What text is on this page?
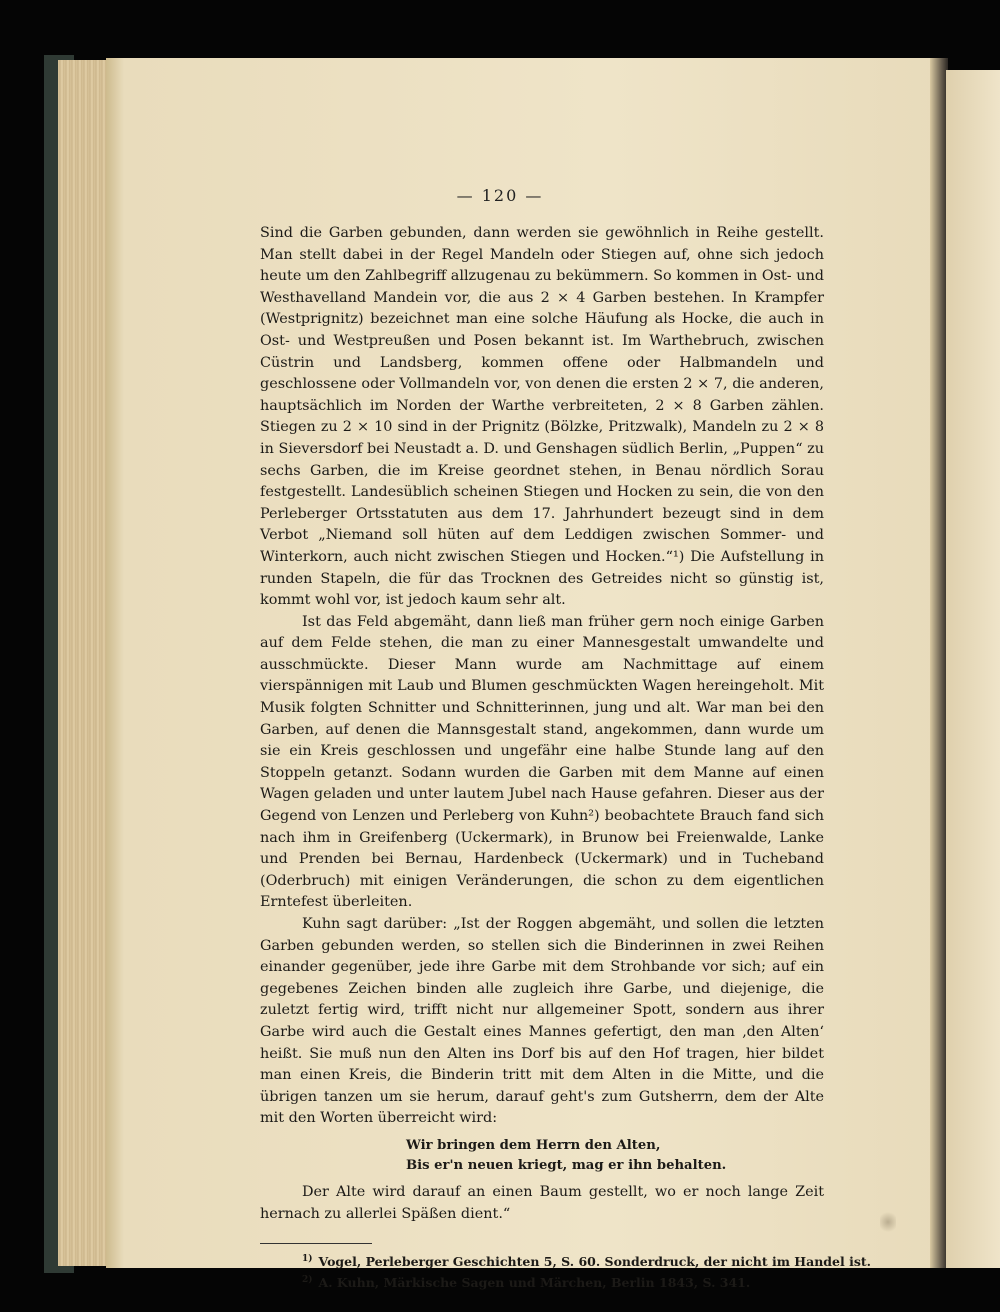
— 120 —

Sind die Garben gebunden, dann werden sie gewöhnlich in Reihe gestellt. Man stellt dabei in der Regel Mandeln oder Stiegen auf, ohne sich jedoch heute um den Zahlbegriff allzugenau zu bekümmern. So kommen in Ost- und Westhavelland Mandein vor, die aus 2 × 4 Garben bestehen. In Krampfer (Westprignitz) bezeichnet man eine solche Häufung als Hocke, die auch in Ost- und Westpreußen und Posen bekannt ist. Im Warthebruch, zwischen Cüstrin und Landsberg, kommen offene oder Halbmandeln und geschlossene oder Vollmandeln vor, von denen die ersten 2 × 7, die anderen, hauptsächlich im Norden der Warthe verbreiteten, 2 × 8 Garben zählen. Stiegen zu 2 × 10 sind in der Prignitz (Bölzke, Pritzwalk), Mandeln zu 2 × 8 in Sieversdorf bei Neustadt a. D. und Genshagen südlich Berlin, „Puppen“ zu sechs Garben, die im Kreise geordnet stehen, in Benau nördlich Sorau festgestellt. Landesüblich scheinen Stiegen und Hocken zu sein, die von den Perleberger Ortsstatuten aus dem 17. Jahrhundert bezeugt sind in dem Verbot „Niemand soll hüten auf dem Leddigen zwischen Sommer- und Winterkorn, auch nicht zwischen Stiegen und Hocken.“¹) Die Aufstellung in runden Stapeln, die für das Trocknen des Getreides nicht so günstig ist, kommt wohl vor, ist jedoch kaum sehr alt.

Ist das Feld abgemäht, dann ließ man früher gern noch einige Garben auf dem Felde stehen, die man zu einer Mannesgestalt umwandelte und ausschmückte. Dieser Mann wurde am Nachmittage auf einem vierspännigen mit Laub und Blumen geschmückten Wagen hereingeholt. Mit Musik folgten Schnitter und Schnitterinnen, jung und alt. War man bei den Garben, auf denen die Mannsgestalt stand, angekommen, dann wurde um sie ein Kreis geschlossen und ungefähr eine halbe Stunde lang auf den Stoppeln getanzt. Sodann wurden die Garben mit dem Manne auf einen Wagen geladen und unter lautem Jubel nach Hause gefahren. Dieser aus der Gegend von Lenzen und Perleberg von Kuhn²) beobachtete Brauch fand sich nach ihm in Greifenberg (Uckermark), in Brunow bei Freienwalde, Lanke und Prenden bei Bernau, Hardenbeck (Uckermark) und in Tucheband (Oderbruch) mit einigen Veränderungen, die schon zu dem eigentlichen Erntefest überleiten.

Kuhn sagt darüber: „Ist der Roggen abgemäht, und sollen die letzten Garben gebunden werden, so stellen sich die Binderinnen in zwei Reihen einander gegenüber, jede ihre Garbe mit dem Strohbande vor sich; auf ein gegebenes Zeichen binden alle zugleich ihre Garbe, und diejenige, die zuletzt fertig wird, trifft nicht nur allgemeiner Spott, sondern aus ihrer Garbe wird auch die Gestalt eines Mannes gefertigt, den man ‚den Alten‘ heißt. Sie muß nun den Alten ins Dorf bis auf den Hof tragen, hier bildet man einen Kreis, die Binderin tritt mit dem Alten in die Mitte, und die übrigen tanzen um sie herum, darauf geht's zum Gutsherrn, dem der Alte mit den Worten überreicht wird:

Wir bringen dem Herrn den Alten,
Bis er'n neuen kriegt, mag er ihn behalten.

Der Alte wird darauf an einen Baum gestellt, wo er noch lange Zeit hernach zu allerlei Späßen dient.“

$^{1)}$ Vogel, Perleberger Geschichten 5, S. 60. Sonderdruck, der nicht im Handel ist.
$^{2)}$ A. Kuhn, Märkische Sagen und Märchen, Berlin 1843, S. 341.
